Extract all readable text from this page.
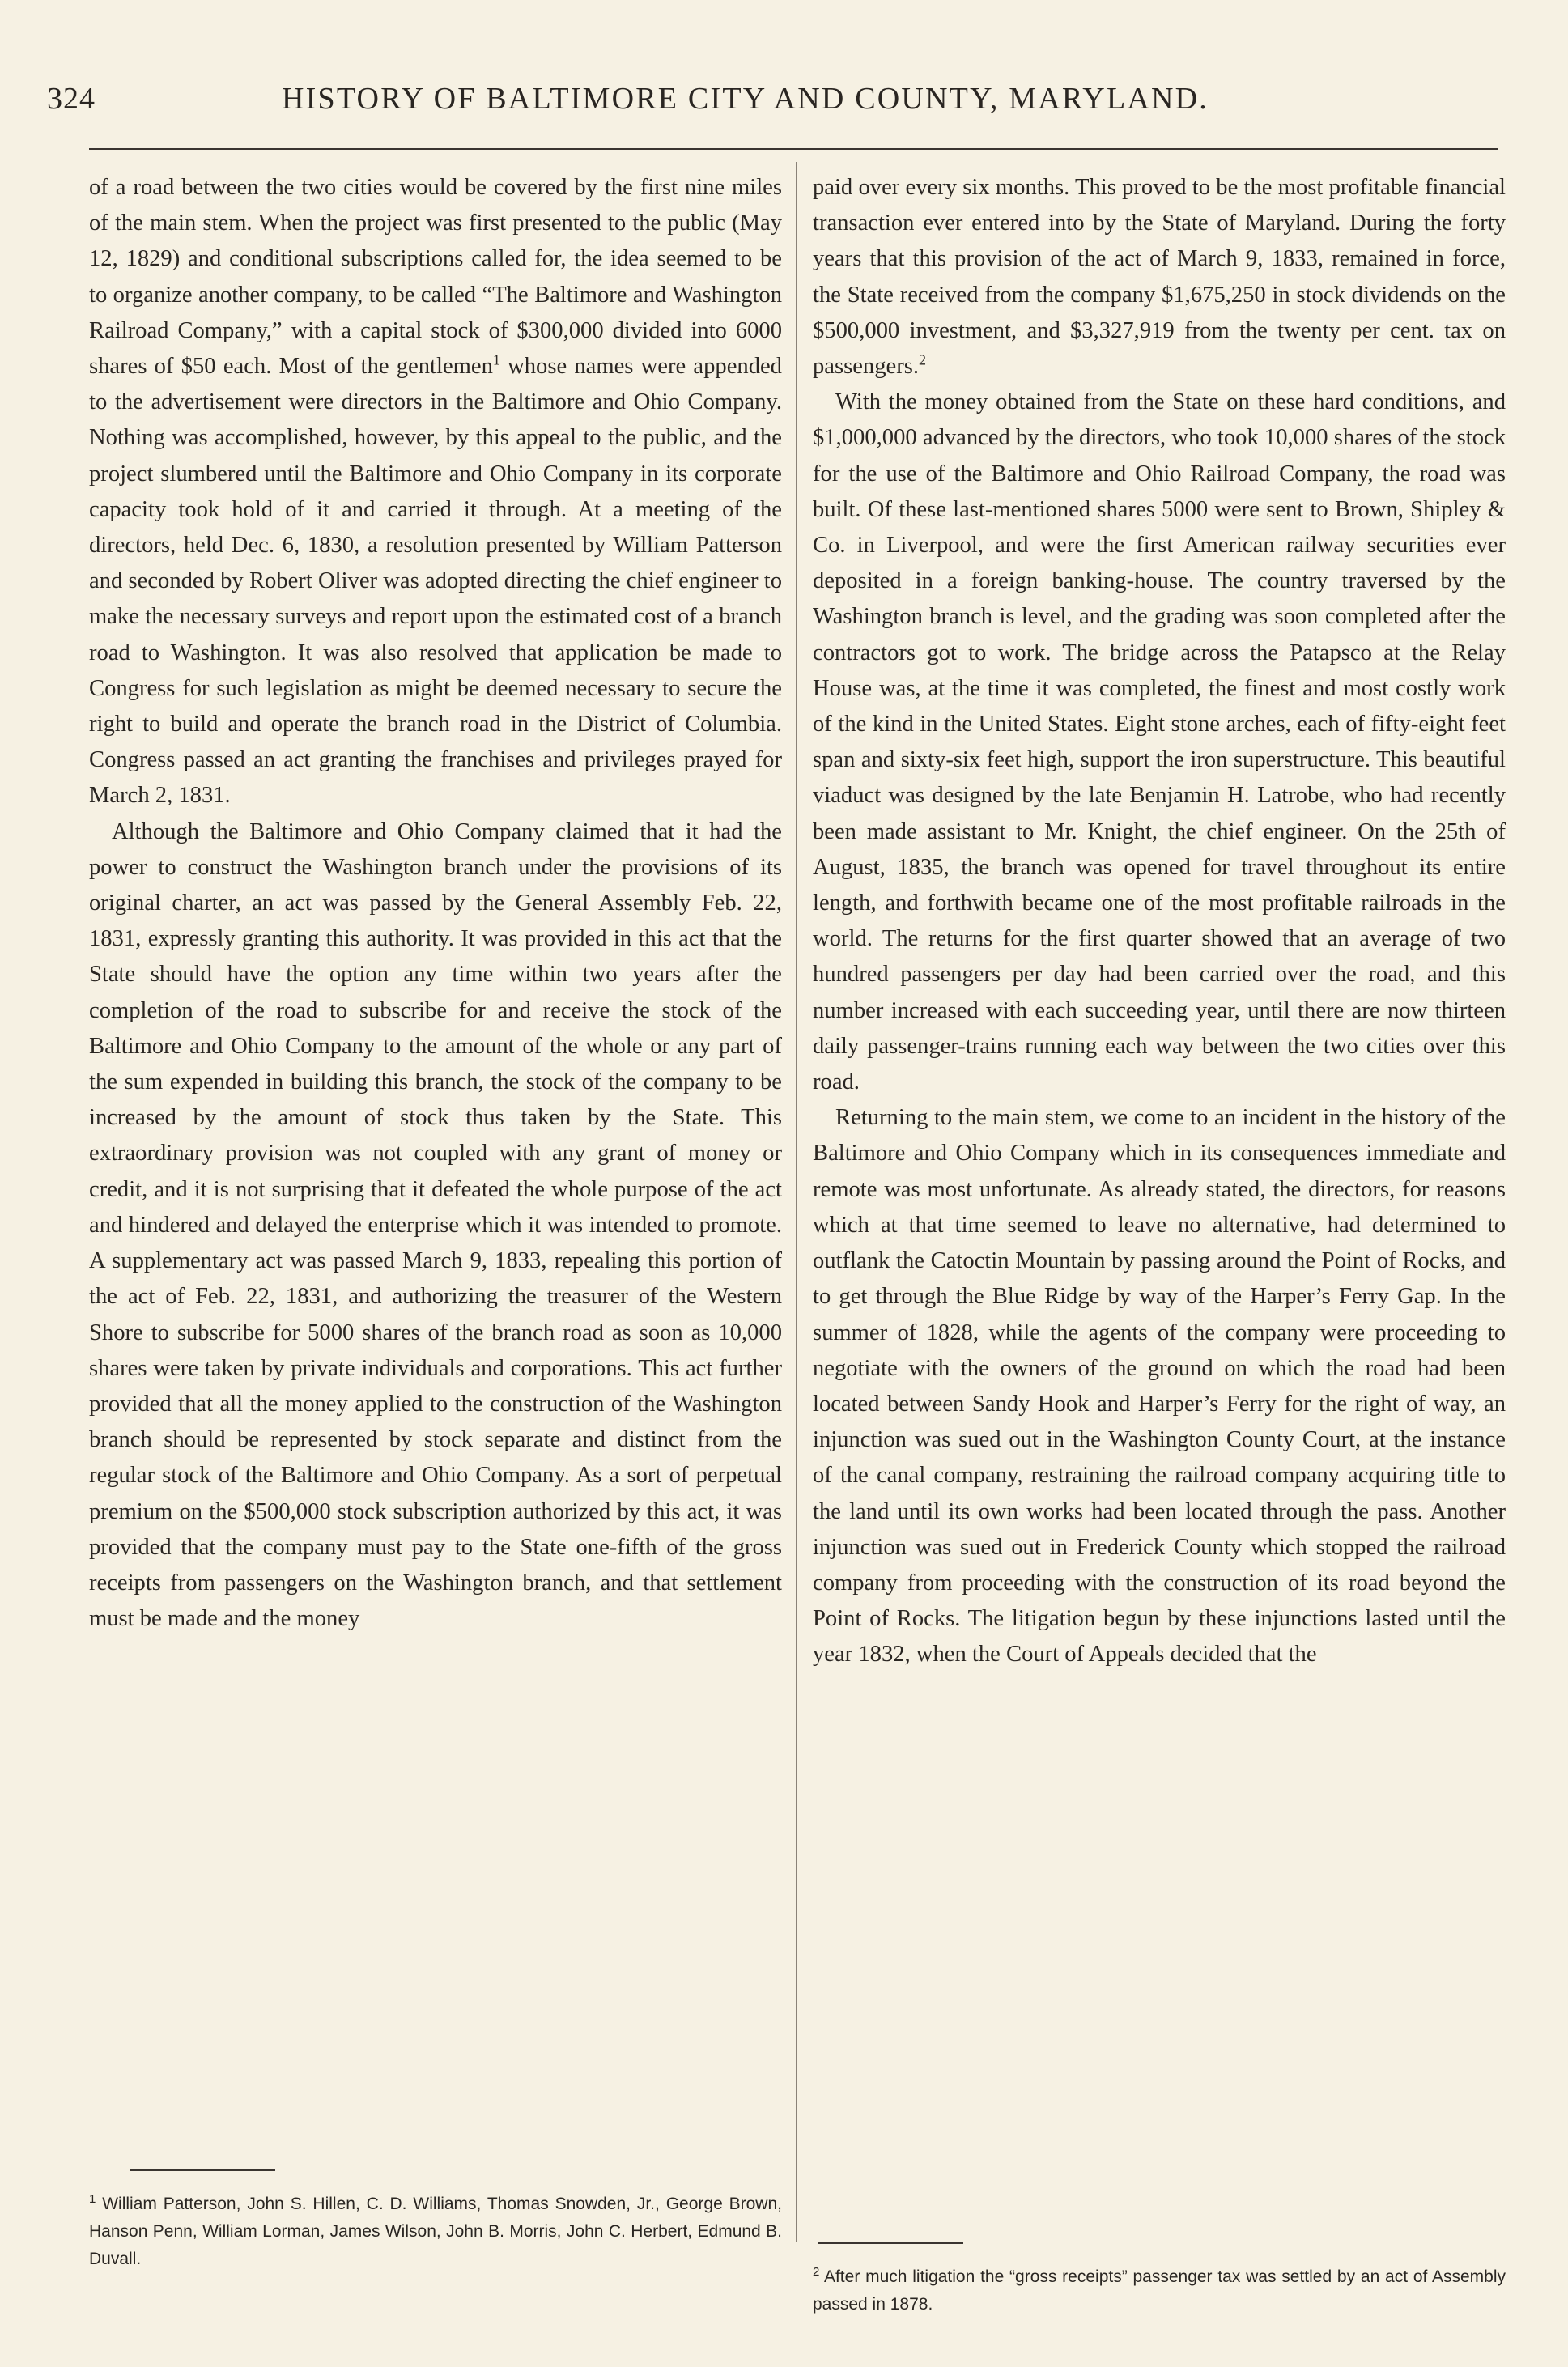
324	HISTORY OF BALTIMORE CITY AND COUNTY, MARYLAND.

of a road between the two cities would be covered by the first nine miles of the main stem. When the project was first presented to the public (May 12, 1829) and conditional subscriptions called for, the idea seemed to be to organize another company, to be called “The Baltimore and Washington Railroad Company,” with a capital stock of $300,000 divided into 6000 shares of $50 each. Most of the gentlemen$^1$ whose names were appended to the advertisement were directors in the Baltimore and Ohio Company. Nothing was accomplished, however, by this appeal to the public, and the project slumbered until the Baltimore and Ohio Company in its corporate capacity took hold of it and carried it through. At a meeting of the directors, held Dec. 6, 1830, a resolution presented by William Patterson and seconded by Robert Oliver was adopted directing the chief engineer to make the necessary surveys and report upon the estimated cost of a branch road to Washington. It was also resolved that application be made to Congress for such legislation as might be deemed necessary to secure the right to build and operate the branch road in the District of Columbia. Congress passed an act granting the franchises and privileges prayed for March 2, 1831.

Although the Baltimore and Ohio Company claimed that it had the power to construct the Washington branch under the provisions of its original charter, an act was passed by the General Assembly Feb. 22, 1831, expressly granting this authority. It was provided in this act that the State should have the option any time within two years after the completion of the road to subscribe for and receive the stock of the Baltimore and Ohio Company to the amount of the whole or any part of the sum expended in building this branch, the stock of the company to be increased by the amount of stock thus taken by the State. This extraordinary provision was not coupled with any grant of money or credit, and it is not surprising that it defeated the whole purpose of the act and hindered and delayed the enterprise which it was intended to promote. A supplementary act was passed March 9, 1833, repealing this portion of the act of Feb. 22, 1831, and authorizing the treasurer of the Western Shore to subscribe for 5000 shares of the branch road as soon as 10,000 shares were taken by private individuals and corporations. This act further provided that all the money applied to the construction of the Washington branch should be represented by stock separate and distinct from the regular stock of the Baltimore and Ohio Company. As a sort of perpetual premium on the $500,000 stock subscription authorized by this act, it was provided that the company must pay to the State one-fifth of the gross receipts from passengers on the Washington branch, and that settlement must be made and the money

paid over every six months. This proved to be the most profitable financial transaction ever entered into by the State of Maryland. During the forty years that this provision of the act of March 9, 1833, remained in force, the State received from the company $1,675,250 in stock dividends on the $500,000 investment, and $3,327,919 from the twenty per cent. tax on passengers.$^2$

With the money obtained from the State on these hard conditions, and $1,000,000 advanced by the directors, who took 10,000 shares of the stock for the use of the Baltimore and Ohio Railroad Company, the road was built. Of these last-mentioned shares 5000 were sent to Brown, Shipley & Co. in Liverpool, and were the first American railway securities ever deposited in a foreign banking-house. The country traversed by the Washington branch is level, and the grading was soon completed after the contractors got to work. The bridge across the Patapsco at the Relay House was, at the time it was completed, the finest and most costly work of the kind in the United States. Eight stone arches, each of fifty-eight feet span and sixty-six feet high, support the iron superstructure. This beautiful viaduct was designed by the late Benjamin H. Latrobe, who had recently been made assistant to Mr. Knight, the chief engineer. On the 25th of August, 1835, the branch was opened for travel throughout its entire length, and forthwith became one of the most profitable railroads in the world. The returns for the first quarter showed that an average of two hundred passengers per day had been carried over the road, and this number increased with each succeeding year, until there are now thirteen daily passenger-trains running each way between the two cities over this road.

Returning to the main stem, we come to an incident in the history of the Baltimore and Ohio Company which in its consequences immediate and remote was most unfortunate. As already stated, the directors, for reasons which at that time seemed to leave no alternative, had determined to outflank the Catoctin Mountain by passing around the Point of Rocks, and to get through the Blue Ridge by way of the Harper’s Ferry Gap. In the summer of 1828, while the agents of the company were proceeding to negotiate with the owners of the ground on which the road had been located between Sandy Hook and Harper’s Ferry for the right of way, an injunction was sued out in the Washington County Court, at the instance of the canal company, restraining the railroad company acquiring title to the land until its own works had been located through the pass. Another injunction was sued out in Frederick County which stopped the railroad company from proceeding with the construction of its road beyond the Point of Rocks. The litigation begun by these injunctions lasted until the year 1832, when the Court of Appeals decided that the

$^1$ William Patterson, John S. Hillen, C. D. Williams, Thomas Snowden, Jr., George Brown, Hanson Penn, William Lorman, James Wilson, John B. Morris, John C. Herbert, Edmund B. Duvall.
$^2$ After much litigation the “gross receipts” passenger tax was settled by an act of Assembly passed in 1878.
